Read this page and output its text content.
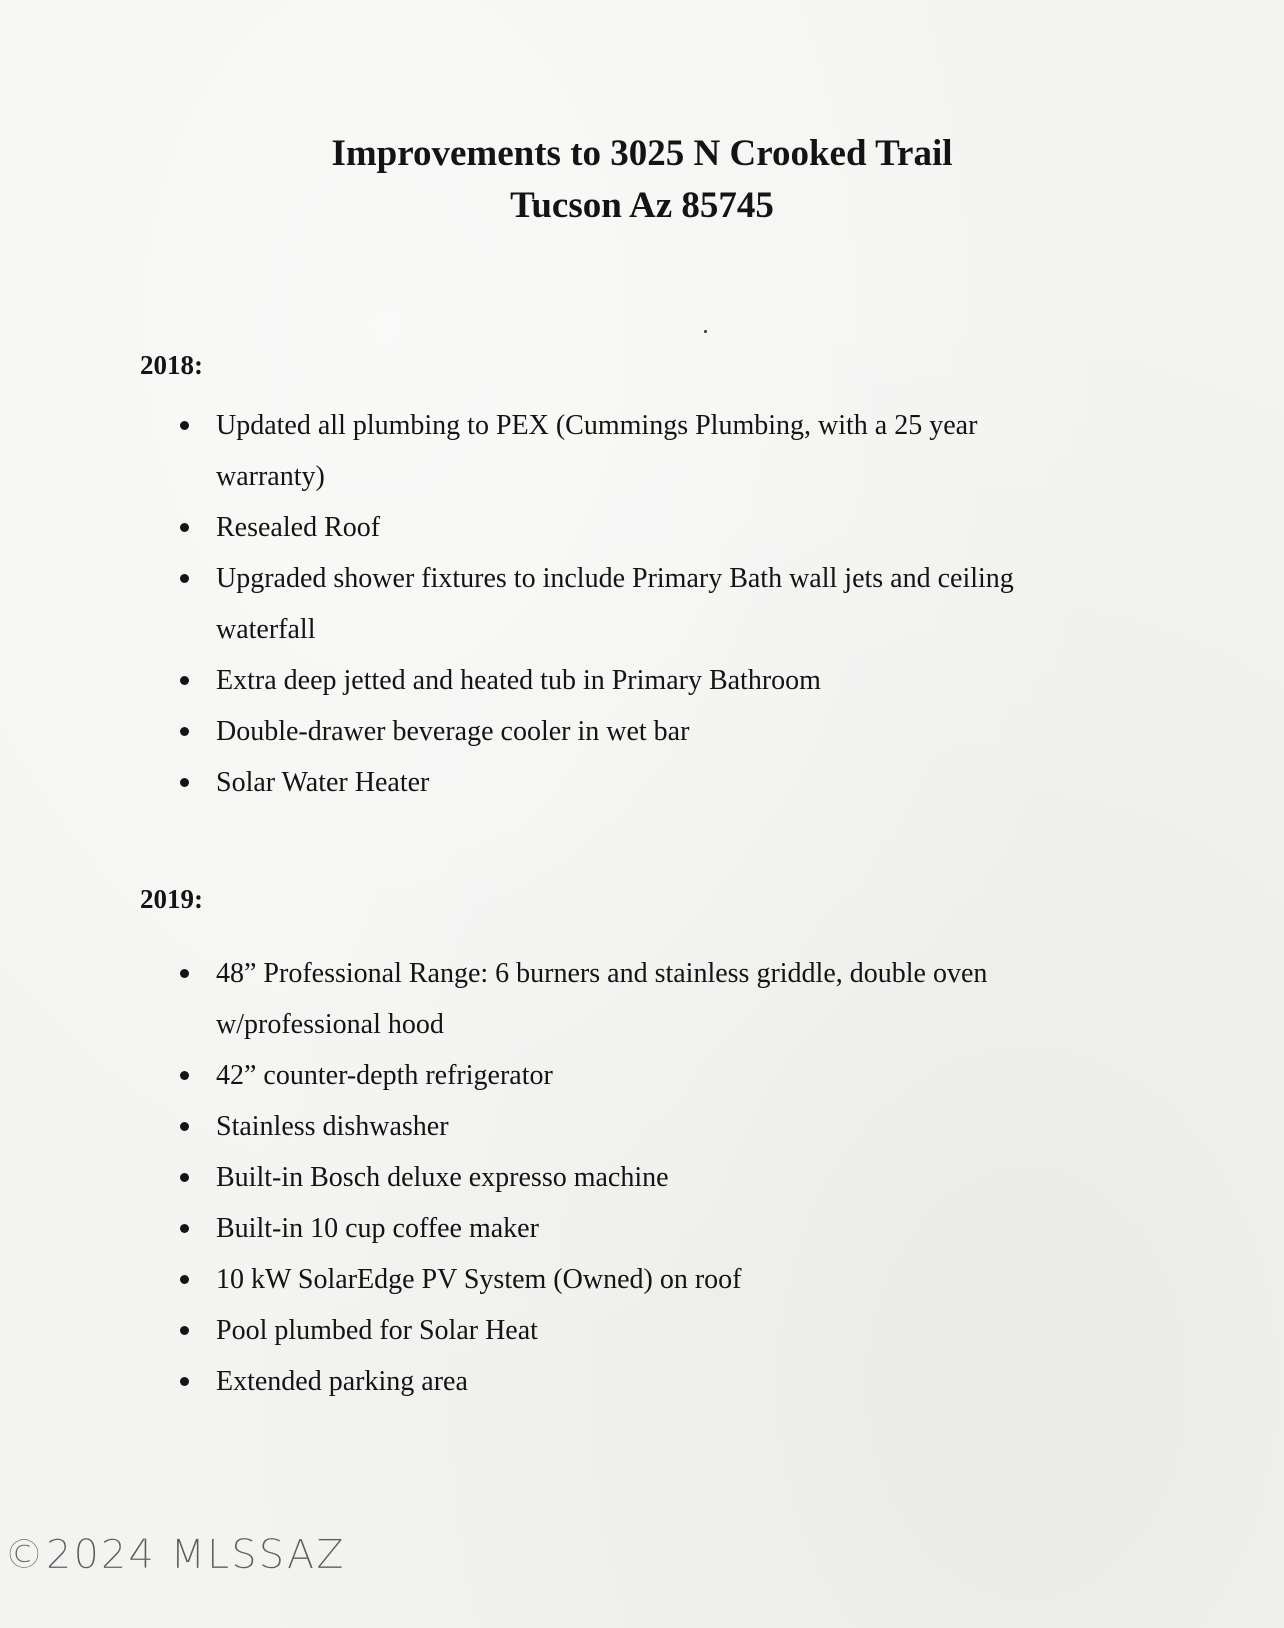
Improvements to 3025 N Crooked Trail
Tucson Az 85745
2018:
Updated all plumbing to PEX (Cummings Plumbing, with a 25 year warranty)
Resealed Roof
Upgraded shower fixtures to include Primary Bath wall jets and ceiling waterfall
Extra deep jetted and heated tub in Primary Bathroom
Double-drawer beverage cooler in wet bar
Solar Water Heater
2019:
48” Professional Range: 6 burners and stainless griddle, double oven w/professional hood
42” counter-depth refrigerator
Stainless dishwasher
Built-in Bosch deluxe expresso machine
Built-in 10 cup coffee maker
10 kW SolarEdge PV System (Owned) on roof
Pool plumbed for Solar Heat
Extended parking area
©2024 MLSSAZ
